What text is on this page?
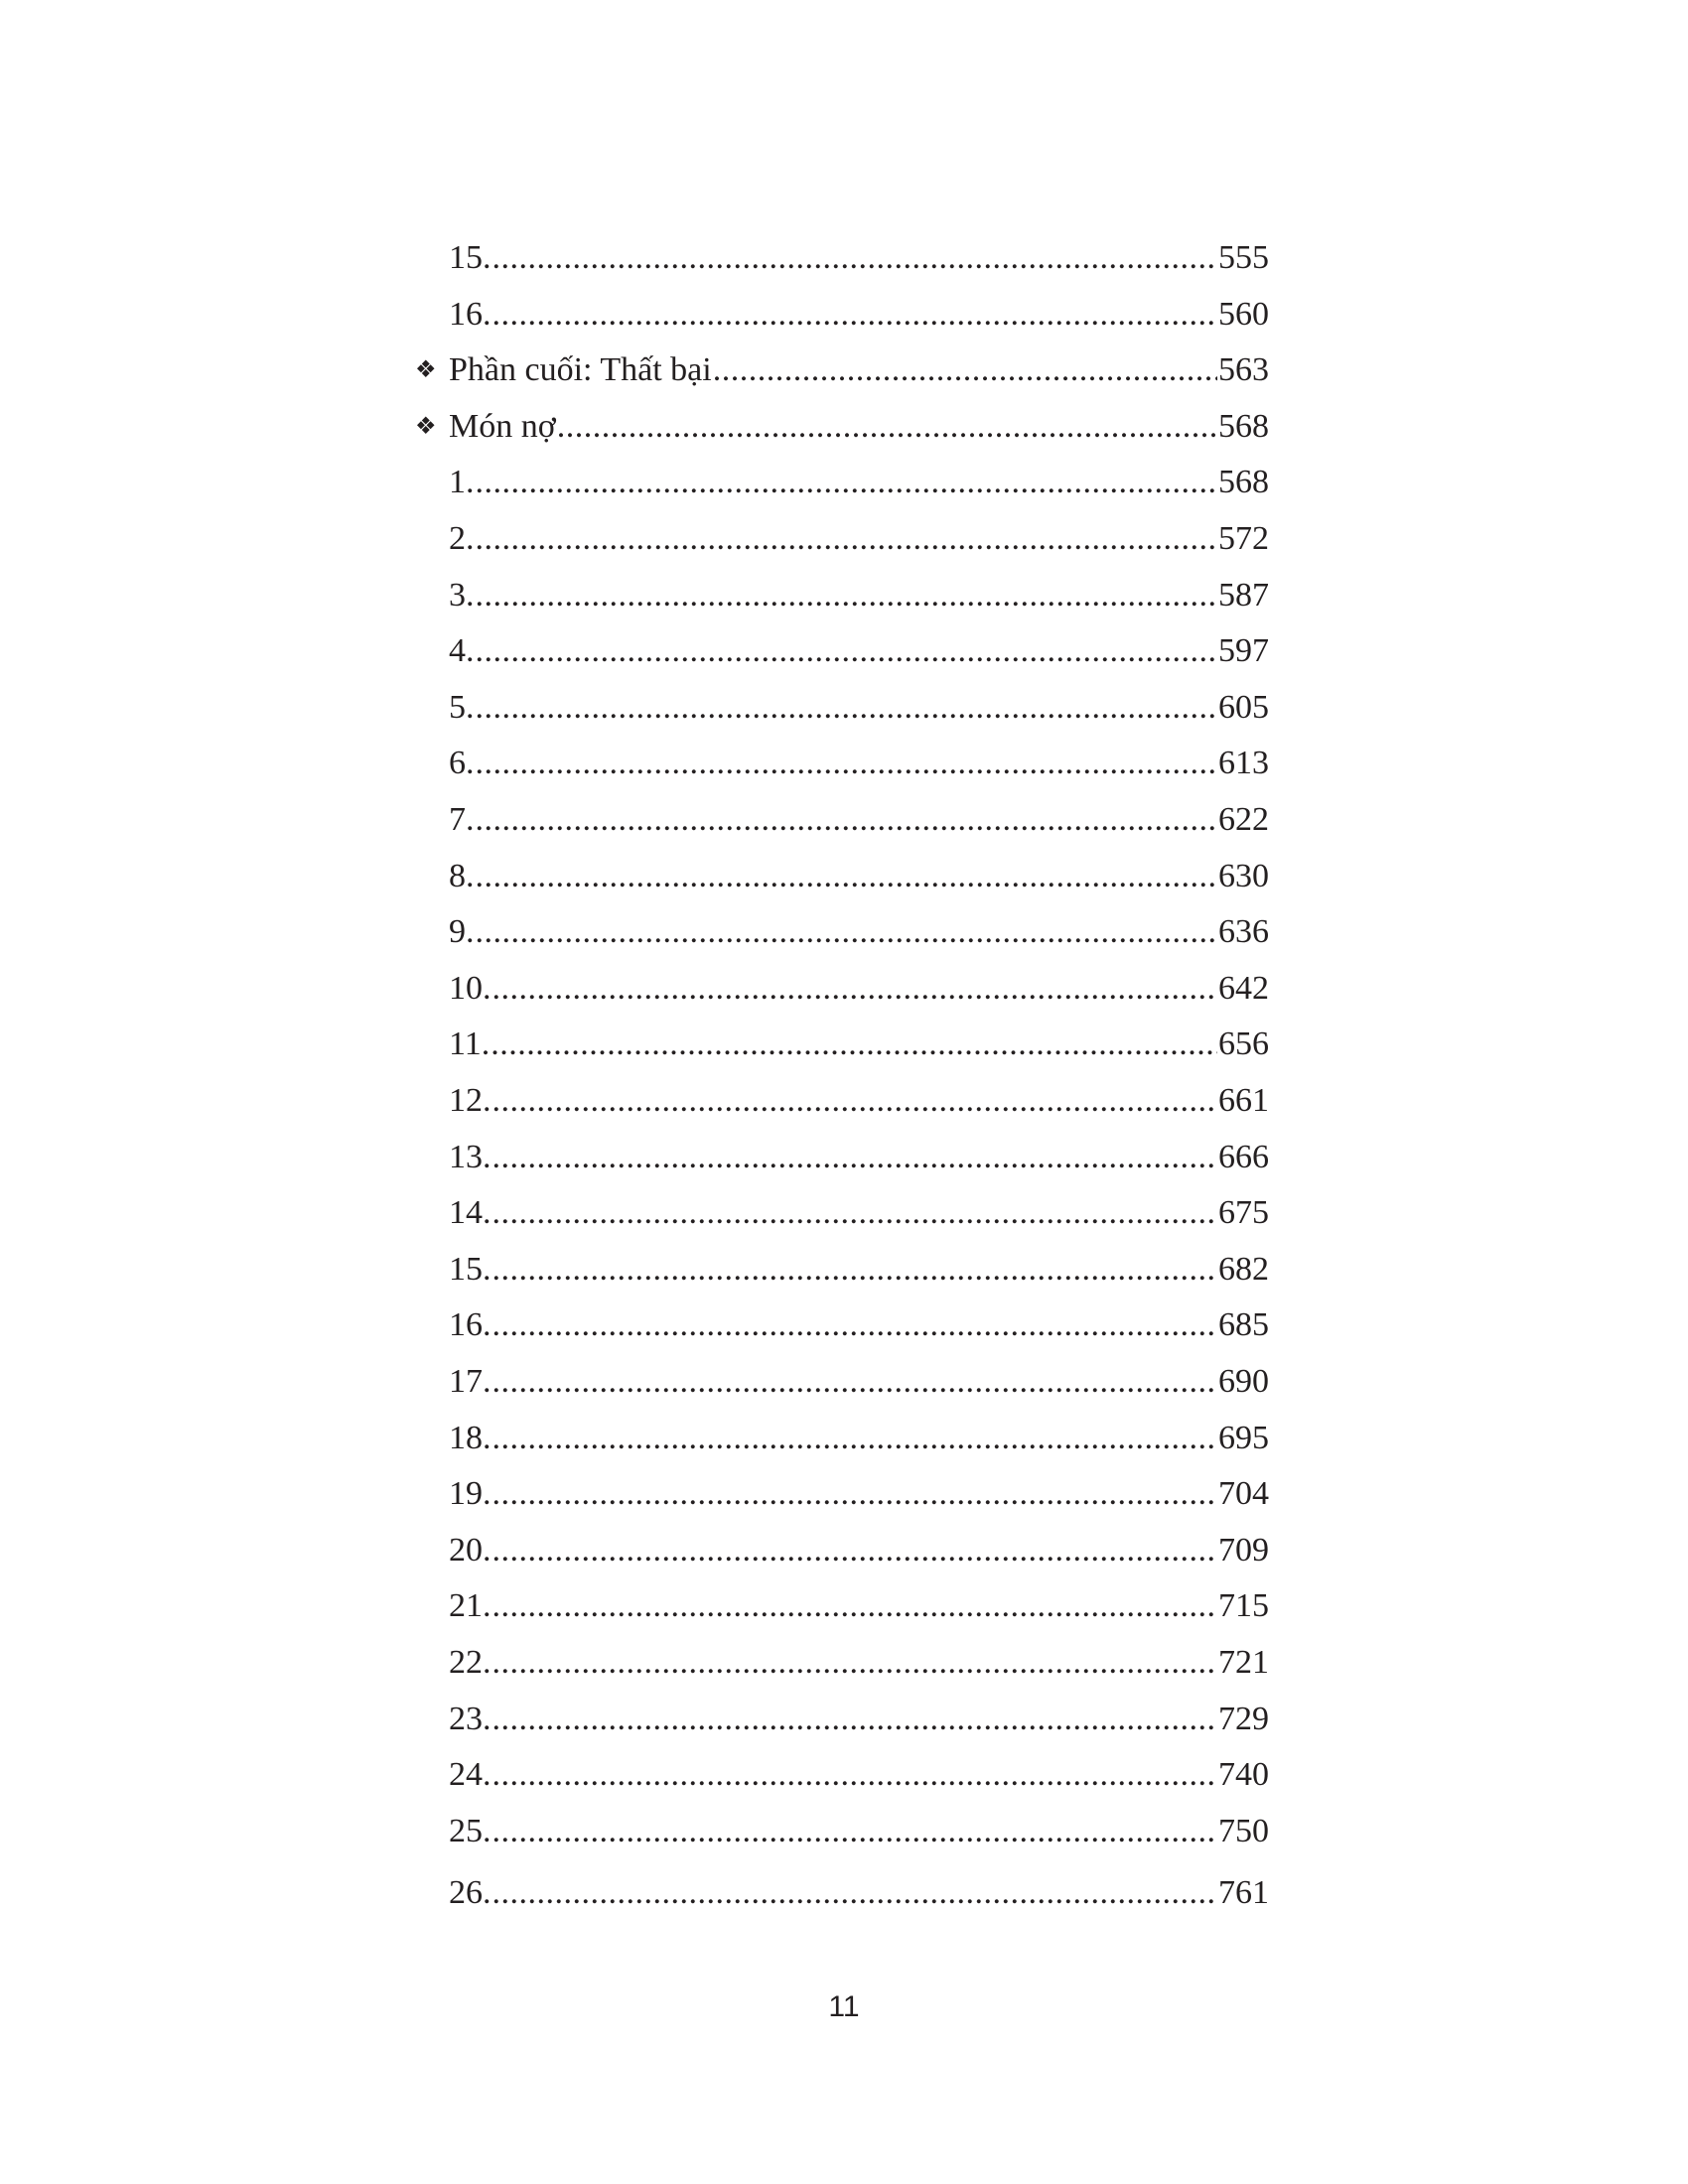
15. .....	555
16. .....	560
❖ Phần cuối: Thất bại .....	563
❖ Món nợ .....	568
1. .....	568
2. .....	572
3. .....	587
4. .....	597
5. .....	605
6. .....	613
7. .....	622
8. .....	630
9. .....	636
10. .....	642
11. .....	656
12. .....	661
13. .....	666
14. .....	675
15. .....	682
16. .....	685
17. .....	690
18. .....	695
19. .....	704
20. .....	709
21. .....	715
22. .....	721
23. .....	729
24. .....	740
25. .....	750
26. .....	761
11
